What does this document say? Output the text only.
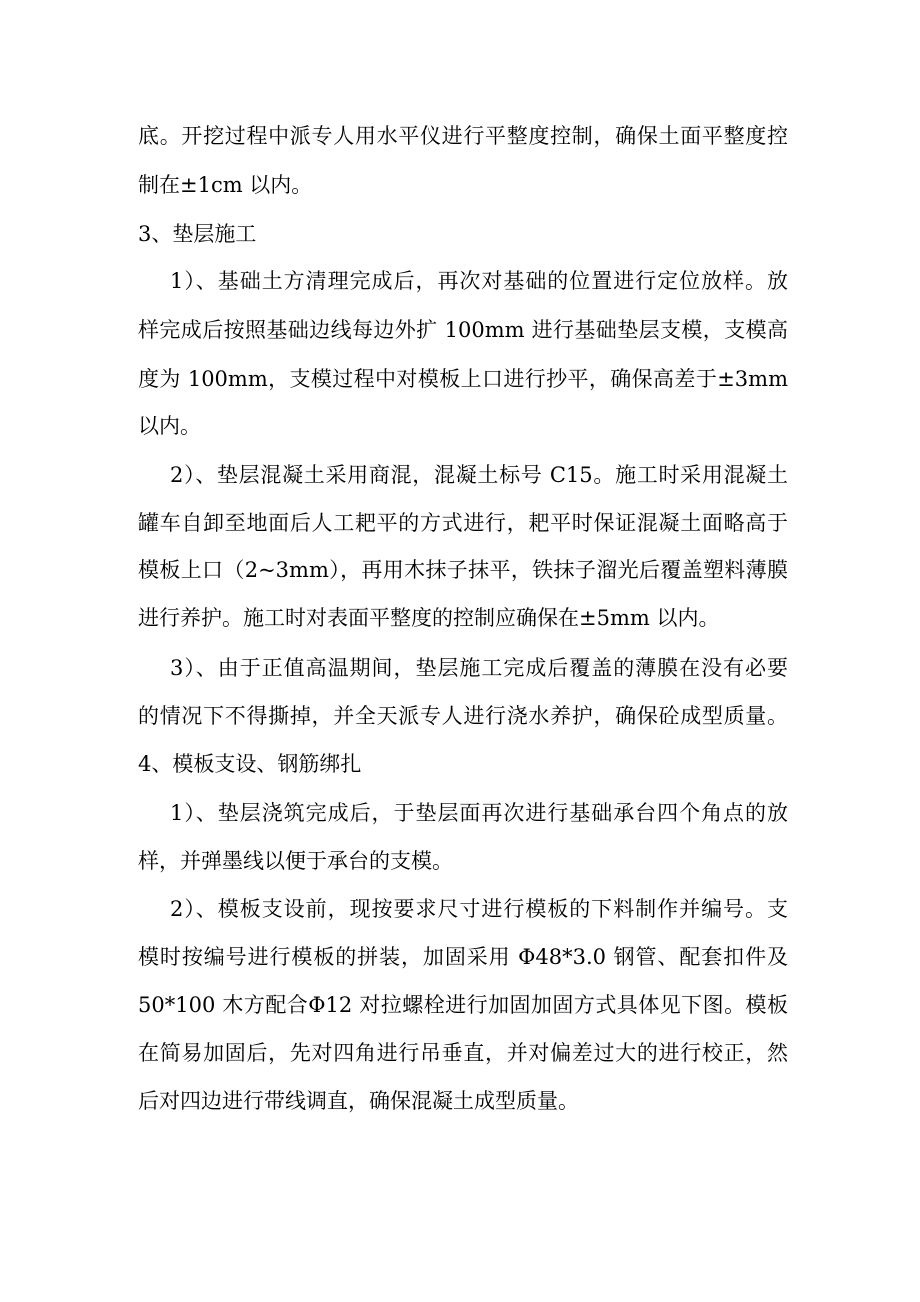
底。开挖过程中派专人用水平仪进行平整度控制，确保土面平整度控
制在±1cm 以内。
3、垫层施工
1）、基础土方清理完成后，再次对基础的位置进行定位放样。放
样完成后按照基础边线每边外扩 100mm 进行基础垫层支模，支模高
度为 100mm，支模过程中对模板上口进行抄平，确保高差于±3mm
以内。
2）、垫层混凝土采用商混，混凝土标号 C15。施工时采用混凝土
罐车自卸至地面后人工耙平的方式进行，耙平时保证混凝土面略高于
模板上口（2~3mm），再用木抹子抹平，铁抹子溜光后覆盖塑料薄膜
进行养护。施工时对表面平整度的控制应确保在±5mm 以内。
3）、由于正值高温期间，垫层施工完成后覆盖的薄膜在没有必要
的情况下不得撕掉，并全天派专人进行浇水养护，确保砼成型质量。
4、模板支设、钢筋绑扎
1）、垫层浇筑完成后，于垫层面再次进行基础承台四个角点的放
样，并弹墨线以便于承台的支模。
2）、模板支设前，现按要求尺寸进行模板的下料制作并编号。支
模时按编号进行模板的拼装，加固采用 Φ48*3.0 钢管、配套扣件及
50*100 木方配合Φ12 对拉螺栓进行加固加固方式具体见下图。模板
在简易加固后，先对四角进行吊垂直，并对偏差过大的进行校正，然
后对四边进行带线调直，确保混凝土成型质量。
